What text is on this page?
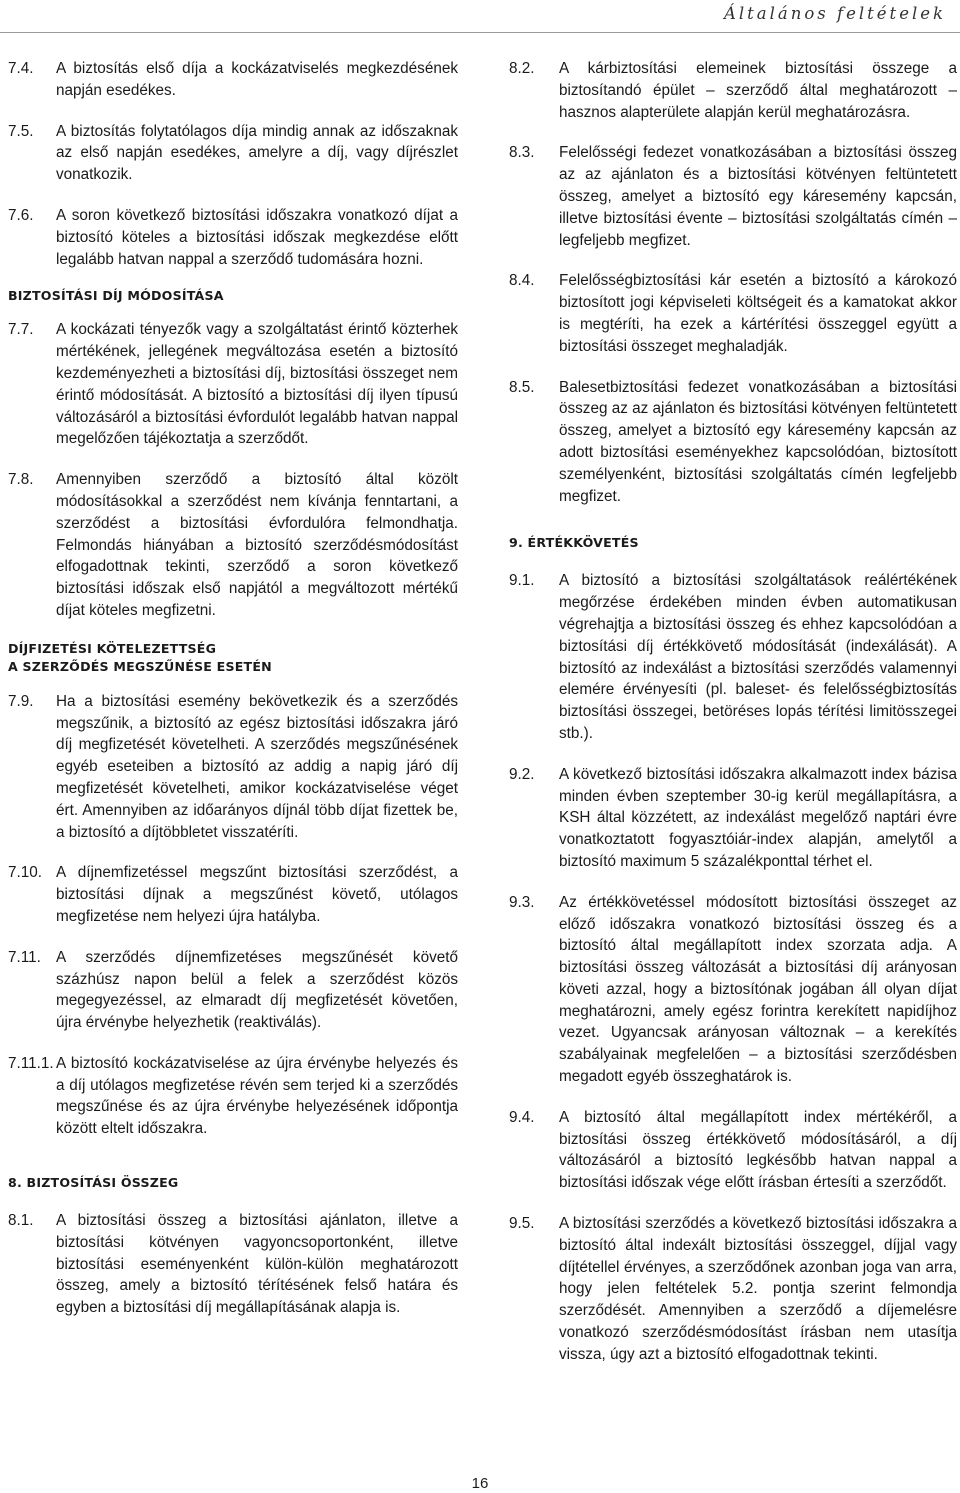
Általános feltételek
7.4.	A biztosítás első díja a kockázatviselés megkezdésének napján esedékes.
7.5.	A biztosítás folytatólagos díja mindig annak az időszaknak az első napján esedékes, amelyre a díj, vagy díjrészlet vonatkozik.
7.6.	A soron következő biztosítási időszakra vonatkozó díjat a biztosító köteles a biztosítási időszak megkezdése előtt legalább hatvan nappal a szerződő tudomására hozni.
BIZTOSÍTÁSI DÍJ MÓDOSÍTÁSA
7.7.	A kockázati tényezők vagy a szolgáltatást érintő közterhek mértékének, jellegének megváltozása esetén a biztosító kezdeményezheti a biztosítási díj, biztosítási összeget nem érintő módosítását. A biztosító a biztosítási díj ilyen típusú változásáról a biztosítási évfordulót legalább hatvan nappal megelőzően tájékoztatja a szerződőt.
7.8.	Amennyiben szerződő a biztosító által közölt módosításokkal a szerződést nem kívánja fenntartani, a szerződést a biztosítási évfordulóra felmondhatja. Felmondás hiányában a biztosító szerződésmódosítást elfogadottnak tekinti, szerződő a soron következő biztosítási időszak első napjától a megváltozott mértékű díjat köteles megfizetni.
DÍJFIZETÉSI KÖTELEZETTSÉG
A SZERZŐDÉS MEGSZŰNÉSE ESETÉN
7.9.	Ha a biztosítási esemény bekövetkezik és a szerződés megszűnik, a biztosító az egész biztosítási időszakra járó díj megfizetését követelheti. A szerződés megszűnésének egyéb eseteiben a biztosító az addig a napig járó díj megfizetését követelheti, amikor kockázatviselése véget ért. Amennyiben az időarányos díjnál több díjat fizettek be, a biztosító a díjtöbbletet visszatéríti.
7.10. A díjnemfizetéssel megszűnt biztosítási szerződést, a biztosítási díjnak a megszűnést követő, utólagos megfizetése nem helyezi újra hatályba.
7.11. A szerződés díjnemfizetéses megszűnését követő százhúsz napon belül a felek a szerződést közös megegyezéssel, az elmaradt díj megfizetését követően, újra érvénybe helyezhetik (reaktiválás).
7.11.1. A biztosító kockázatviselése az újra érvénybe helyezés és a díj utólagos megfizetése révén sem terjed ki a szerződés megszűnése és az újra érvénybe helyezésének időpontja között eltelt időszakra.
8. BIZTOSÍTÁSI ÖSSZEG
8.1.	A biztosítási összeg a biztosítási ajánlaton, illetve a biztosítási kötvényen vagyoncsoportonként, illetve biztosítási eseményenként külön-külön meghatározott összeg, amely a biztosító térítésének felső határa és egyben a biztosítási díj megállapításának alapja is.
8.2.	A kárbiztosítási elemeinek biztosítási összege a biztosítandó épület – szerződő által meghatározott – hasznos alapterülete alapján kerül meghatározásra.
8.3.	Felelősségi fedezet vonatkozásában a biztosítási összeg az az ajánlaton és a biztosítási kötvényen feltüntetett összeg, amelyet a biztosító egy káresemény kapcsán, illetve biztosítási évente – biztosítási szolgáltatás címén – legfeljebb megfizet.
8.4.	Felelősségbiztosítási kár esetén a biztosító a károkozó biztosított jogi képviseleti költségeit és a kamatokat akkor is megtéríti, ha ezek a kártérítési összeggel együtt a biztosítási összeget meghaladják.
8.5.	Balesetbiztosítási fedezet vonatkozásában a biztosítási összeg az az ajánlaton és biztosítási kötvényen feltüntetett összeg, amelyet a biztosító egy káresemény kapcsán az adott biztosítási eseményekhez kapcsolódóan, biztosított személyenként, biztosítási szolgáltatás címén legfeljebb megfizet.
9. ÉRTÉKKÖVETÉS
9.1.	A biztosító a biztosítási szolgáltatások reálértékének megőrzése érdekében minden évben automatikusan végrehajtja a biztosítási összeg és ehhez kapcsolódóan a biztosítási díj értékkövető módosítását (indexálását). A biztosító az indexálást a biztosítási szerződés valamennyi elemére érvényesíti (pl. baleset- és felelősségbiztosítás biztosítási összegei, betöréses lopás térítési limitösszegei stb.).
9.2.	A következő biztosítási időszakra alkalmazott index bázisa minden évben szeptember 30-ig kerül megállapításra, a KSH által közzétett, az indexálást megelőző naptári évre vonatkoztatott fogyasztóiár-index alapján, amelytől a biztosító maximum 5 százalékponttal térhet el.
9.3.	Az értékkövetéssel módosított biztosítási összeget az előző időszakra vonatkozó biztosítási összeg és a biztosító által megállapított index szorzata adja. A biztosítási összeg változását a biztosítási díj arányosan követi azzal, hogy a biztosítónak jogában áll olyan díjat meghatározni, amely egész forintra kerekített napidíjhoz vezet. Ugyancsak arányosan változnak – a kerekítés szabályainak megfelelően – a biztosítási szerződésben megadott egyéb összeghatárok is.
9.4.	A biztosító által megállapított index mértékéről, a biztosítási összeg értékkövető módosításáról, a díj változásáról a biztosító legkésőbb hatvan nappal a biztosítási időszak vége előtt írásban értesíti a szerződőt.
9.5.	A biztosítási szerződés a következő biztosítási időszakra a biztosító által indexált biztosítási összeggel, díjjal vagy díjtétellel érvényes, a szerződőnek azonban joga van arra, hogy jelen feltételek 5.2. pontja szerint felmondja szerződését. Amennyiben a szerződő a díjemelésre vonatkozó szerződésmódosítást írásban nem utasítja vissza, úgy azt a biztosító elfogadottnak tekinti.
16
